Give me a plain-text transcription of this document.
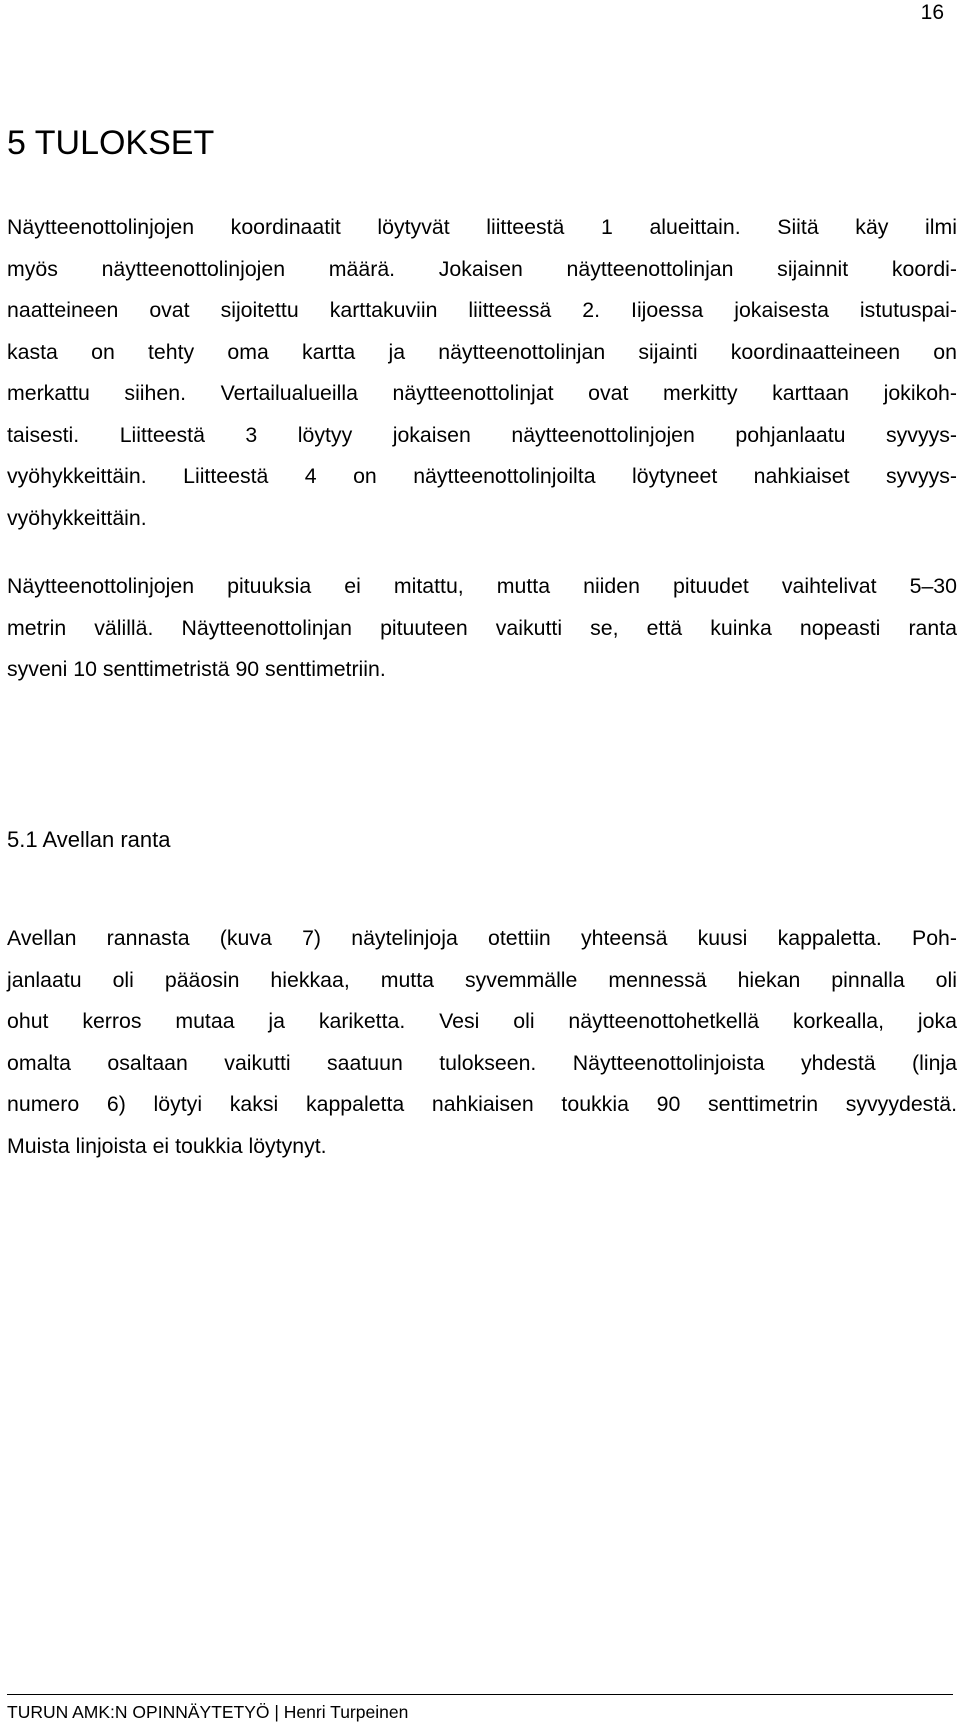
16
5 TULOKSET
Näytteenottolinjojen koordinaatit löytyvät liitteestä 1 alueittain. Siitä käy ilmi
myös näytteenottolinjojen määrä. Jokaisen näytteenottolinjan sijainnit koordi-
naatteineen ovat sijoitettu karttakuviin liitteessä 2. Iijoessa jokaisesta istutuspai-
kasta on tehty oma kartta ja näytteenottolinjan sijainti koordinaatteineen on
merkattu siihen. Vertailualueilla näytteenottolinjat ovat merkitty karttaan jokikoh-
taisesti. Liitteestä 3 löytyy jokaisen näytteenottolinjojen pohjanlaatu syvyys-
vyöhykkeittäin. Liitteestä 4 on näytteenottolinjoilta löytyneet nahkiaiset syvyys-
vyöhykkeittäin.
Näytteenottolinjojen pituuksia ei mitattu, mutta niiden pituudet vaihtelivat 5–30
metrin välillä. Näytteenottolinjan pituuteen vaikutti se, että kuinka nopeasti ranta
syveni 10 senttimetristä 90 senttimetriin.
5.1 Avellan ranta
Avellan rannasta (kuva 7) näytelinjoja otettiin yhteensä kuusi kappaletta. Poh-
janlaatu oli pääosin hiekkaa, mutta syvemmälle mennessä hiekan pinnalla oli
ohut kerros mutaa ja kariketta. Vesi oli näytteenottohetkellä korkealla, joka
omalta osaltaan vaikutti saatuun tulokseen. Näytteenottolinjoista yhdestä (linja
numero 6) löytyi kaksi kappaletta nahkiaisen toukkia 90 senttimetrin syvyydestä.
Muista linjoista ei toukkia löytynyt.
TURUN AMK:N OPINNÄYTETYÖ | Henri Turpeinen
